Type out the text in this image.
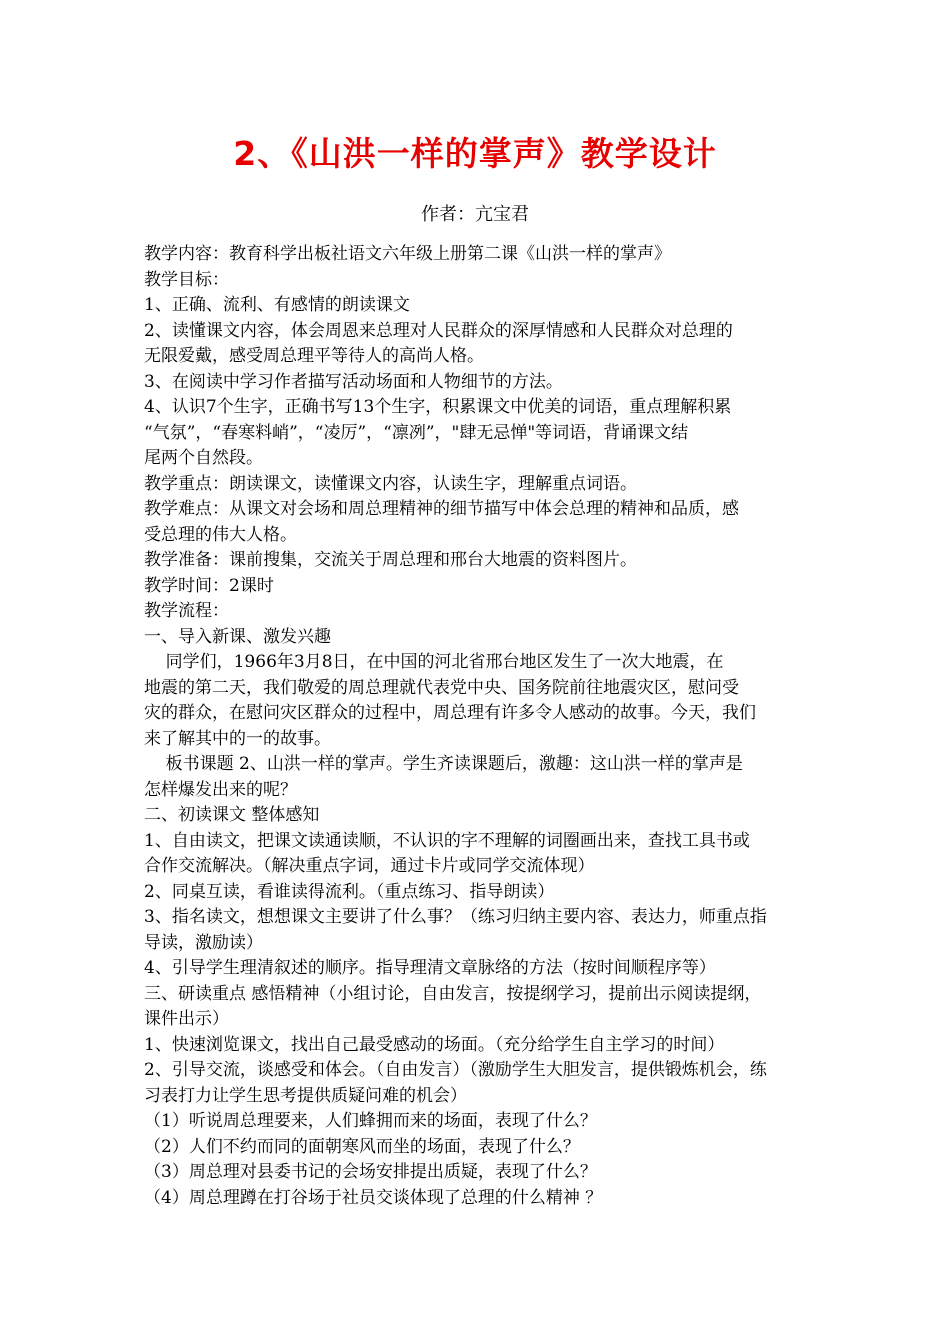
2、《山洪一样的掌声》教学设计
作者：亢宝君
教学内容：教育科学出板社语文六年级上册第二课《山洪一样的掌声》
教学目标：
1、正确、流利、有感情的朗读课文
2、读懂课文内容，体会周恩来总理对人民群众的深厚情感和人民群众对总理的
无限爱戴，感受周总理平等待人的高尚人格。
3、在阅读中学习作者描写活动场面和人物细节的方法。
4、认识7个生字，正确书写13个生字，积累课文中优美的词语，重点理解积累
“气氛”，“春寒料峭”，“凌厉”，“凛冽”，"肆无忌惮"等词语，背诵课文结
尾两个自然段。
教学重点：朗读课文，读懂课文内容，认读生字，理解重点词语。
教学难点：从课文对会场和周总理精神的细节描写中体会总理的精神和品质，感
受总理的伟大人格。
教学准备：课前搜集，交流关于周总理和邢台大地震的资料图片。
教学时间：2课时
教学流程：
一、导入新课、激发兴趣
同学们，1966年3月8日，在中国的河北省邢台地区发生了一次大地震，在
地震的第二天，我们敬爱的周总理就代表党中央、国务院前往地震灾区，慰问受
灾的群众，在慰问灾区群众的过程中，周总理有许多令人感动的故事。今天，我们
来了解其中的一的故事。
板书课题 2、山洪一样的掌声。学生齐读课题后，激趣：这山洪一样的掌声是
怎样爆发出来的呢？
二、初读课文 整体感知
1、自由读文，把课文读通读顺，不认识的字不理解的词圈画出来，查找工具书或
合作交流解决。（解决重点字词，通过卡片或同学交流体现）
2、同桌互读，看谁读得流利。（重点练习、指导朗读）
3、指名读文，想想课文主要讲了什么事？（练习归纳主要内容、表达力，师重点指
导读，激励读）
4、引导学生理清叙述的顺序。指导理清文章脉络的方法（按时间顺程序等）
三、研读重点 感悟精神（小组讨论，自由发言，按提纲学习，提前出示阅读提纲，
课件出示）
1、快速浏览课文，找出自己最受感动的场面。（充分给学生自主学习的时间）
2、引导交流，谈感受和体会。（自由发言）（激励学生大胆发言，提供锻炼机会，练
习表打力让学生思考提供质疑问难的机会）
（1）听说周总理要来，人们蜂拥而来的场面，表现了什么？
（2）人们不约而同的面朝寒风而坐的场面，表现了什么？
（3）周总理对县委书记的会场安排提出质疑，表现了什么？
（4）周总理蹲在打谷场于社员交谈体现了总理的什么精神 ？
